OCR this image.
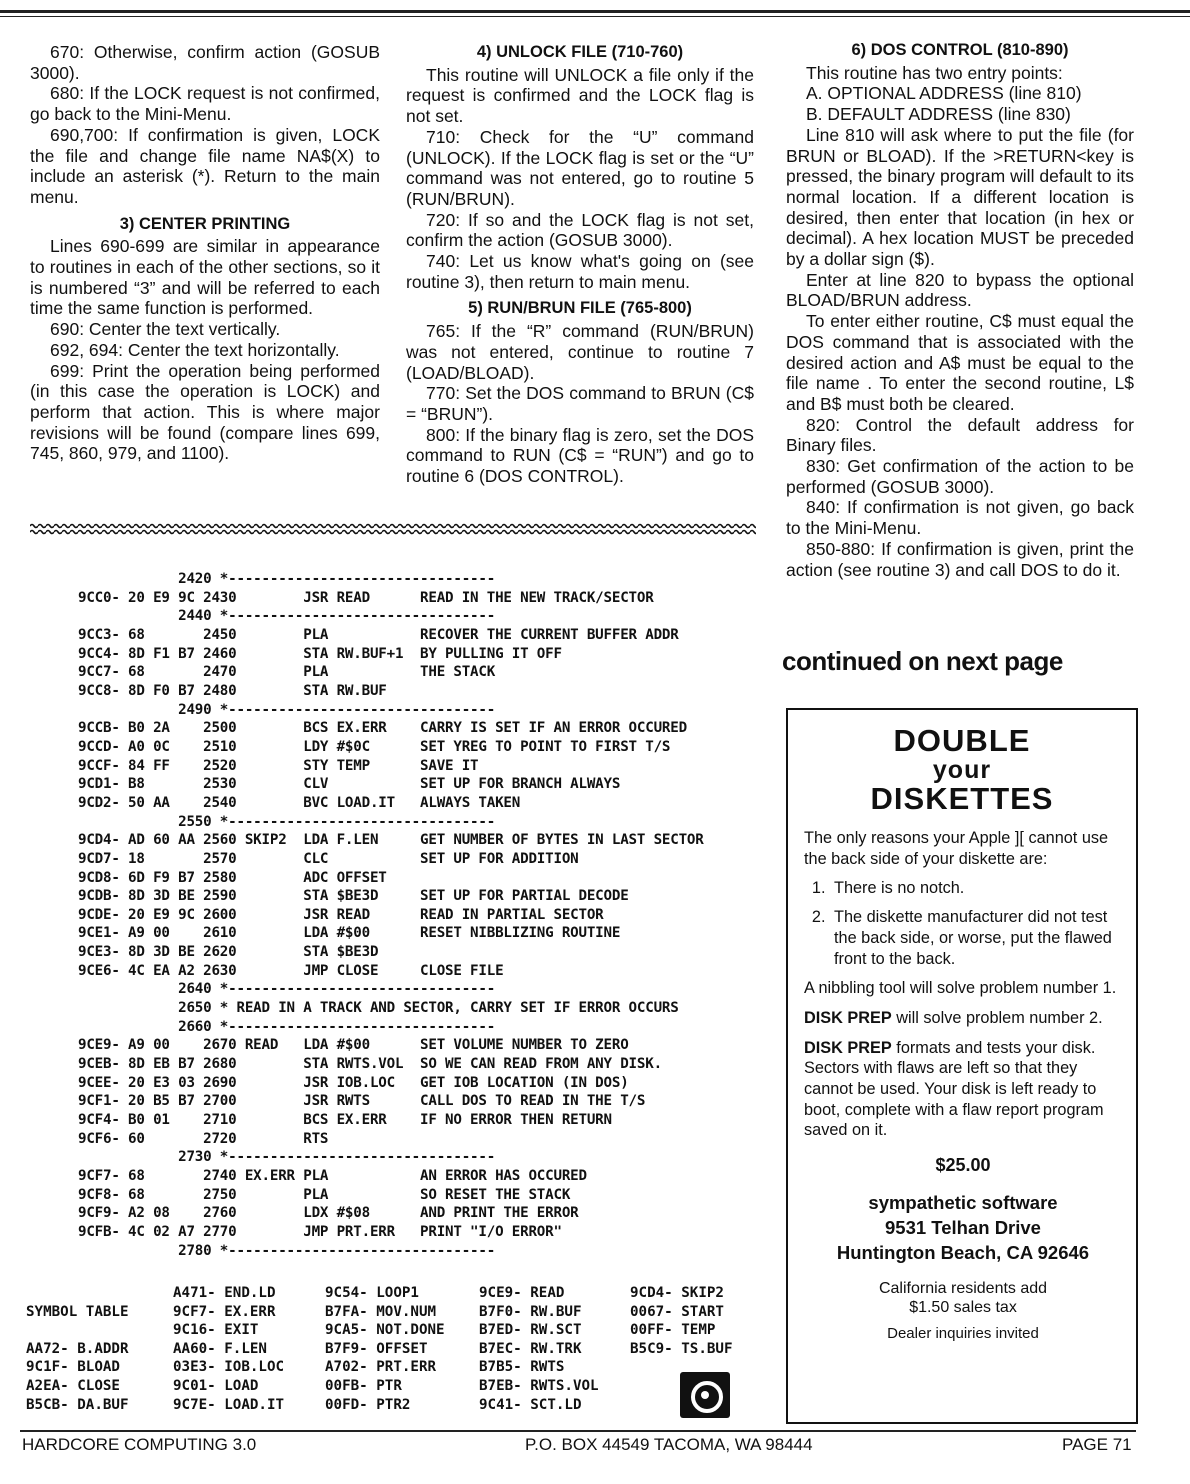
670: Otherwise, confirm action (GOSUB 3000).

680: If the LOCK request is not confirmed, go back to the Mini-Menu.

690,700: If confirmation is given, LOCK the file and change file name NA$(X) to include an asterisk (*). Return to the main menu.

3) CENTER PRINTING

Lines 690-699 are similar in appearance to routines in each of the other sections, so it is numbered “3” and will be referred to each time the same function is performed.

690: Center the text vertically.

692, 694: Center the text horizontally.

699: Print the operation being performed (in this case the operation is LOCK) and perform that action. This is where major revisions will be found (compare lines 699, 745, 860, 979, and 1100).

4) UNLOCK FILE (710-760)

This routine will UNLOCK a file only if the request is confirmed and the LOCK flag is not set.

710: Check for the “U” command (UNLOCK). If the LOCK flag is set or the “U” command was not entered, go to routine 5 (RUN/BRUN).

720: If so and the LOCK flag is not set, confirm the action (GOSUB 3000).

740: Let us know what's going on (see routine 3), then return to main menu.

5) RUN/BRUN FILE (765-800)

765: If the “R” command (RUN/BRUN) was not entered, continue to routine 7 (LOAD/BLOAD).

770: Set the DOS command to BRUN (C$ = “BRUN”).

800: If the binary flag is zero, set the DOS command to RUN (C$ = “RUN”) and go to routine 6 (DOS CONTROL).

6) DOS CONTROL (810-890)

This routine has two entry points:

A. OPTIONAL ADDRESS (line 810)

B. DEFAULT ADDRESS (line 830)

Line 810 will ask where to put the file (for BRUN or BLOAD). If the >RETURN<key is pressed, the binary program will default to its normal location. If a different location is desired, then enter that location (in hex or decimal). A hex location MUST be preceded by a dollar sign ($).

Enter at line 820 to bypass the optional BLOAD/BRUN address.

To enter either routine, C$ must equal the DOS command that is associated with the desired action and A$ must be equal to the file name . To enter the second routine, L$ and B$ must both be cleared.

820: Control the default address for Binary files.

830: Get confirmation of the action to be performed (GOSUB 3000).

840: If confirmation is not given, go back to the Mini-Menu.

850-880: If confirmation is given, print the action (see routine 3) and call DOS to do it.

continued on next page
2420 *--------------------------------
9CC0- 20 E9 9C 2430        JSR READ      READ IN THE NEW TRACK/SECTOR
2440 *--------------------------------
9CC3- 68       2450        PLA           RECOVER THE CURRENT BUFFER ADDR
9CC4- 8D F1 B7 2460        STA RW.BUF+1  BY PULLING IT OFF
9CC7- 68       2470        PLA           THE STACK
9CC8- 8D F0 B7 2480        STA RW.BUF
2490 *--------------------------------
9CCB- B0 2A    2500        BCS EX.ERR    CARRY IS SET IF AN ERROR OCCURED
9CCD- A0 0C    2510        LDY #$0C      SET YREG TO POINT TO FIRST T/S
9CCF- 84 FF    2520        STY TEMP      SAVE IT
9CD1- B8       2530        CLV           SET UP FOR BRANCH ALWAYS
9CD2- 50 AA    2540        BVC LOAD.IT   ALWAYS TAKEN
2550 *--------------------------------
9CD4- AD 60 AA 2560 SKIP2  LDA F.LEN     GET NUMBER OF BYTES IN LAST SECTOR
9CD7- 18       2570        CLC           SET UP FOR ADDITION
9CD8- 6D F9 B7 2580        ADC OFFSET
9CDB- 8D 3D BE 2590        STA $BE3D     SET UP FOR PARTIAL DECODE
9CDE- 20 E9 9C 2600        JSR READ      READ IN PARTIAL SECTOR
9CE1- A9 00    2610        LDA #$00      RESET NIBBLIZING ROUTINE
9CE3- 8D 3D BE 2620        STA $BE3D
9CE6- 4C EA A2 2630        JMP CLOSE     CLOSE FILE
2640 *--------------------------------
2650 * READ IN A TRACK AND SECTOR, CARRY SET IF ERROR OCCURS
2660 *--------------------------------
9CE9- A9 00    2670 READ   LDA #$00      SET VOLUME NUMBER TO ZERO
9CEB- 8D EB B7 2680        STA RWTS.VOL  SO WE CAN READ FROM ANY DISK.
9CEE- 20 E3 03 2690        JSR IOB.LOC   GET IOB LOCATION (IN DOS)
9CF1- 20 B5 B7 2700        JSR RWTS      CALL DOS TO READ IN THE T/S
9CF4- B0 01    2710        BCS EX.ERR    IF NO ERROR THEN RETURN
9CF6- 60       2720        RTS
2730 *--------------------------------
9CF7- 68       2740 EX.ERR PLA           AN ERROR HAS OCCURED
9CF8- 68       2750        PLA           SO RESET THE STACK
9CF9- A2 08    2760        LDX #$08      AND PRINT THE ERROR
9CFB- 4C 02 A7 2770        JMP PRT.ERR   PRINT "I/O ERROR"
2780 *--------------------------------
SYMBOL TABLE

AA72- B.ADDR
9C1F- BLOAD
A2EA- CLOSE
B5CB- DA.BUF
A471- END.LD
9CF7- EX.ERR
9C16- EXIT
AA60- F.LEN
03E3- IOB.LOC
9C01- LOAD
9C7E- LOAD.IT
9C54- LOOP1
B7FA- MOV.NUM
9CA5- NOT.DONE
B7F9- OFFSET
A702- PRT.ERR
00FB- PTR
00FD- PTR2
9CE9- READ
B7F0- RW.BUF
B7ED- RW.SCT
B7EC- RW.TRK
B7B5- RWTS
B7EB- RWTS.VOL
9C41- SCT.LD
9CD4- SKIP2
0067- START
00FF- TEMP
B5C9- TS.BUF
DOUBLE
your
DISKETTES

The only reasons your Apple ][ cannot use the back side of your diskette are:

1. There is no notch.
2. The diskette manufacturer did not test the back side, or worse, put the flawed front to the back.

A nibbling tool will solve problem number 1.

DISK PREP will solve problem number 2.

DISK PREP formats and tests your disk. Sectors with flaws are left so that they cannot be used. Your disk is left ready to boot, complete with a flaw report program saved on it.

$25.00
sympathetic software
9531 Telhan Drive
Huntington Beach, CA 92646
California residents add
$1.50 sales tax
Dealer inquiries invited
HARDCORE COMPUTING 3.0	P.O. BOX 44549 TACOMA, WA 98444	PAGE 71
